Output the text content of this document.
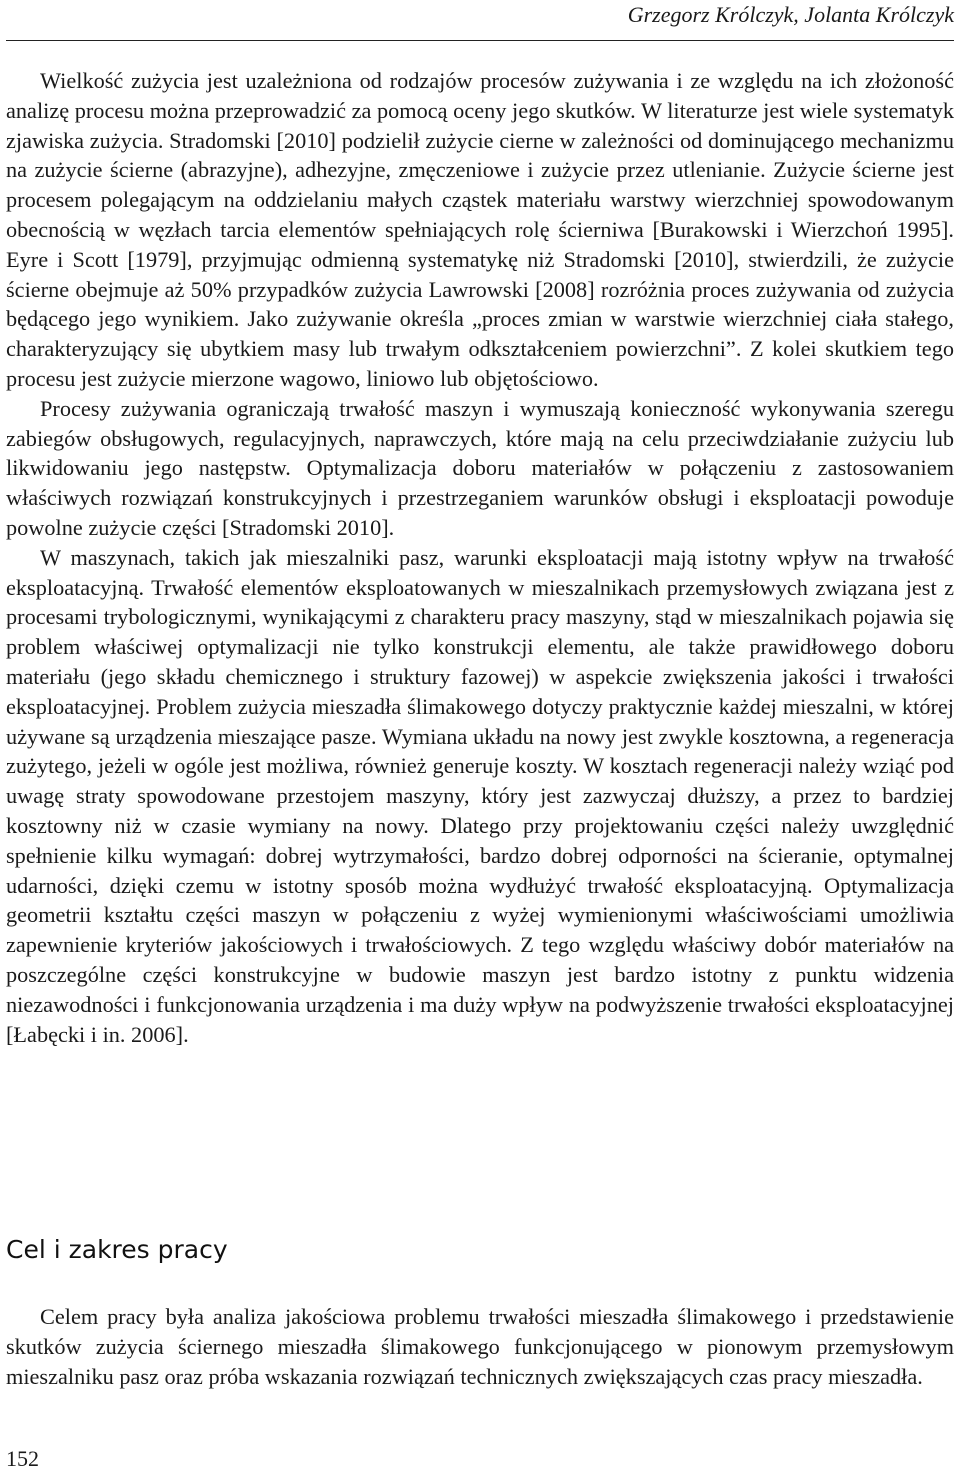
Grzegorz Królczyk, Jolanta Królczyk

Wielkość zużycia jest uzależniona od rodzajów procesów zużywania i ze względu na ich złożoność analizę procesu można przeprowadzić za pomocą oceny jego skutków. W literaturze jest wiele systematyk zjawiska zużycia. Stradomski [2010] podzielił zużycie cierne w zależności od dominującego mechanizmu na zużycie ścierne (abrazyjne), adhezyjne, zmęczeniowe i zużycie przez utlenianie. Zużycie ścierne jest procesem polegającym na oddzielaniu małych cząstek materiału warstwy wierzchniej spowodowanym obecnością w węzłach tarcia elementów spełniających rolę ścierniwa [Burakowski i Wierzchoń 1995]. Eyre i Scott [1979], przyjmując odmienną systematykę niż Stradomski [2010], stwierdzili, że zużycie ścierne obejmuje aż 50% przypadków zużycia Lawrowski [2008] rozróżnia proces zużywania od zużycia będącego jego wynikiem. Jako zużywanie określa „proces zmian w warstwie wierzchniej ciała stałego, charakteryzujący się ubytkiem masy lub trwałym odkształceniem powierzchni”. Z kolei skutkiem tego procesu jest zużycie mierzone wagowo, liniowo lub objętościowo.

Procesy zużywania ograniczają trwałość maszyn i wymuszają konieczność wykonywania szeregu zabiegów obsługowych, regulacyjnych, naprawczych, które mają na celu przeciwdziałanie zużyciu lub likwidowaniu jego następstw. Optymalizacja doboru materiałów w połączeniu z zastosowaniem właściwych rozwiązań konstrukcyjnych i przestrzeganiem warunków obsługi i eksploatacji powoduje powolne zużycie części [Stradomski 2010].

W maszynach, takich jak mieszalniki pasz, warunki eksploatacji mają istotny wpływ na trwałość eksploatacyjną. Trwałość elementów eksploatowanych w mieszalnikach przemysłowych związana jest z procesami trybologicznymi, wynikającymi z charakteru pracy maszyny, stąd w mieszalnikach pojawia się problem właściwej optymalizacji nie tylko konstrukcji elementu, ale także prawidłowego doboru materiału (jego składu chemicznego i struktury fazowej) w aspekcie zwiększenia jakości i trwałości eksploatacyjnej. Problem zużycia mieszadła ślimakowego dotyczy praktycznie każdej mieszalni, w której używane są urządzenia mieszające pasze. Wymiana układu na nowy jest zwykle kosztowna, a regeneracja zużytego, jeżeli w ogóle jest możliwa, również generuje koszty. W kosztach regeneracji należy wziąć pod uwagę straty spowodowane przestojem maszyny, który jest zazwyczaj dłuższy, a przez to bardziej kosztowny niż w czasie wymiany na nowy. Dlatego przy projektowaniu części należy uwzględnić spełnienie kilku wymagań: dobrej wytrzymałości, bardzo dobrej odporności na ścieranie, optymalnej udarności, dzięki czemu w istotny sposób można wydłużyć trwałość eksploatacyjną. Optymalizacja geometrii kształtu części maszyn w połączeniu z wyżej wymienionymi właściwościami umożliwia zapewnienie kryteriów jakościowych i trwałościowych. Z tego względu właściwy dobór materiałów na poszczególne części konstrukcyjne w budowie maszyn jest bardzo istotny z punktu widzenia niezawodności i funkcjonowania urządzenia i ma duży wpływ na podwyższenie trwałości eksploatacyjnej [Łabęcki i in. 2006].

Cel i zakres pracy

Celem pracy była analiza jakościowa problemu trwałości mieszadła ślimakowego i przedstawienie skutków zużycia ściernego mieszadła ślimakowego funkcjonującego w pionowym przemysłowym mieszalniku pasz oraz próba wskazania rozwiązań technicznych zwiększających czas pracy mieszadła.

152
